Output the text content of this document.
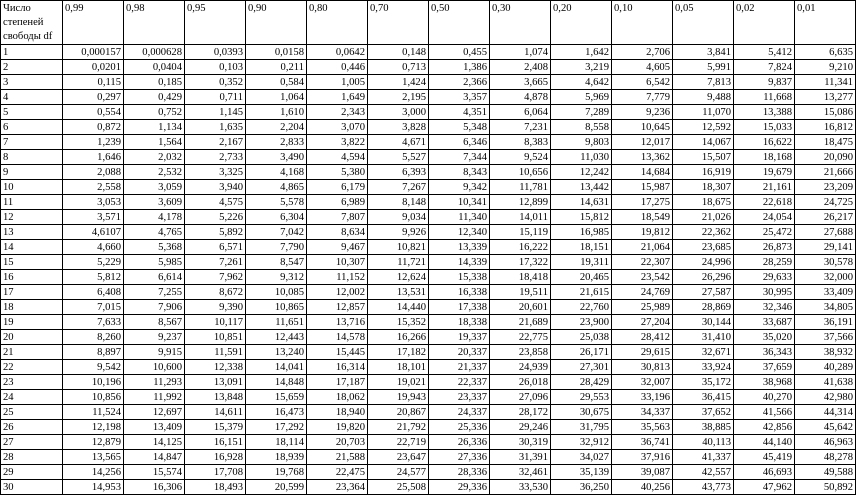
Число степеней свободы df	0,99	0,98	0,95	0,90	0,80	0,70	0,50	0,30	0,20	0,10	0,05	0,02	0,01
1	0,000157	0,000628	0,0393	0,0158	0,0642	0,148	0,455	1,074	1,642	2,706	3,841	5,412	6,635
2	0,0201	0,0404	0,103	0,211	0,446	0,713	1,386	2,408	3,219	4,605	5,991	7,824	9,210
3	0,115	0,185	0,352	0,584	1,005	1,424	2,366	3,665	4,642	6,542	7,813	9,837	11,341
4	0,297	0,429	0,711	1,064	1,649	2,195	3,357	4,878	5,969	7,779	9,488	11,668	13,277
5	0,554	0,752	1,145	1,610	2,343	3,000	4,351	6,064	7,289	9,236	11,070	13,388	15,086
6	0,872	1,134	1,635	2,204	3,070	3,828	5,348	7,231	8,558	10,645	12,592	15,033	16,812
7	1,239	1,564	2,167	2,833	3,822	4,671	6,346	8,383	9,803	12,017	14,067	16,622	18,475
8	1,646	2,032	2,733	3,490	4,594	5,527	7,344	9,524	11,030	13,362	15,507	18,168	20,090
9	2,088	2,532	3,325	4,168	5,380	6,393	8,343	10,656	12,242	14,684	16,919	19,679	21,666
10	2,558	3,059	3,940	4,865	6,179	7,267	9,342	11,781	13,442	15,987	18,307	21,161	23,209
11	3,053	3,609	4,575	5,578	6,989	8,148	10,341	12,899	14,631	17,275	18,675	22,618	24,725
12	3,571	4,178	5,226	6,304	7,807	9,034	11,340	14,011	15,812	18,549	21,026	24,054	26,217
13	4,6107	4,765	5,892	7,042	8,634	9,926	12,340	15,119	16,985	19,812	22,362	25,472	27,688
14	4,660	5,368	6,571	7,790	9,467	10,821	13,339	16,222	18,151	21,064	23,685	26,873	29,141
15	5,229	5,985	7,261	8,547	10,307	11,721	14,339	17,322	19,311	22,307	24,996	28,259	30,578
16	5,812	6,614	7,962	9,312	11,152	12,624	15,338	18,418	20,465	23,542	26,296	29,633	32,000
17	6,408	7,255	8,672	10,085	12,002	13,531	16,338	19,511	21,615	24,769	27,587	30,995	33,409
18	7,015	7,906	9,390	10,865	12,857	14,440	17,338	20,601	22,760	25,989	28,869	32,346	34,805
19	7,633	8,567	10,117	11,651	13,716	15,352	18,338	21,689	23,900	27,204	30,144	33,687	36,191
20	8,260	9,237	10,851	12,443	14,578	16,266	19,337	22,775	25,038	28,412	31,410	35,020	37,566
21	8,897	9,915	11,591	13,240	15,445	17,182	20,337	23,858	26,171	29,615	32,671	36,343	38,932
22	9,542	10,600	12,338	14,041	16,314	18,101	21,337	24,939	27,301	30,813	33,924	37,659	40,289
23	10,196	11,293	13,091	14,848	17,187	19,021	22,337	26,018	28,429	32,007	35,172	38,968	41,638
24	10,856	11,992	13,848	15,659	18,062	19,943	23,337	27,096	29,553	33,196	36,415	40,270	42,980
25	11,524	12,697	14,611	16,473	18,940	20,867	24,337	28,172	30,675	34,337	37,652	41,566	44,314
26	12,198	13,409	15,379	17,292	19,820	21,792	25,336	29,246	31,795	35,563	38,885	42,856	45,642
27	12,879	14,125	16,151	18,114	20,703	22,719	26,336	30,319	32,912	36,741	40,113	44,140	46,963
28	13,565	14,847	16,928	18,939	21,588	23,647	27,336	31,391	34,027	37,916	41,337	45,419	48,278
29	14,256	15,574	17,708	19,768	22,475	24,577	28,336	32,461	35,139	39,087	42,557	46,693	49,588
30	14,953	16,306	18,493	20,599	23,364	25,508	29,336	33,530	36,250	40,256	43,773	47,962	50,892
